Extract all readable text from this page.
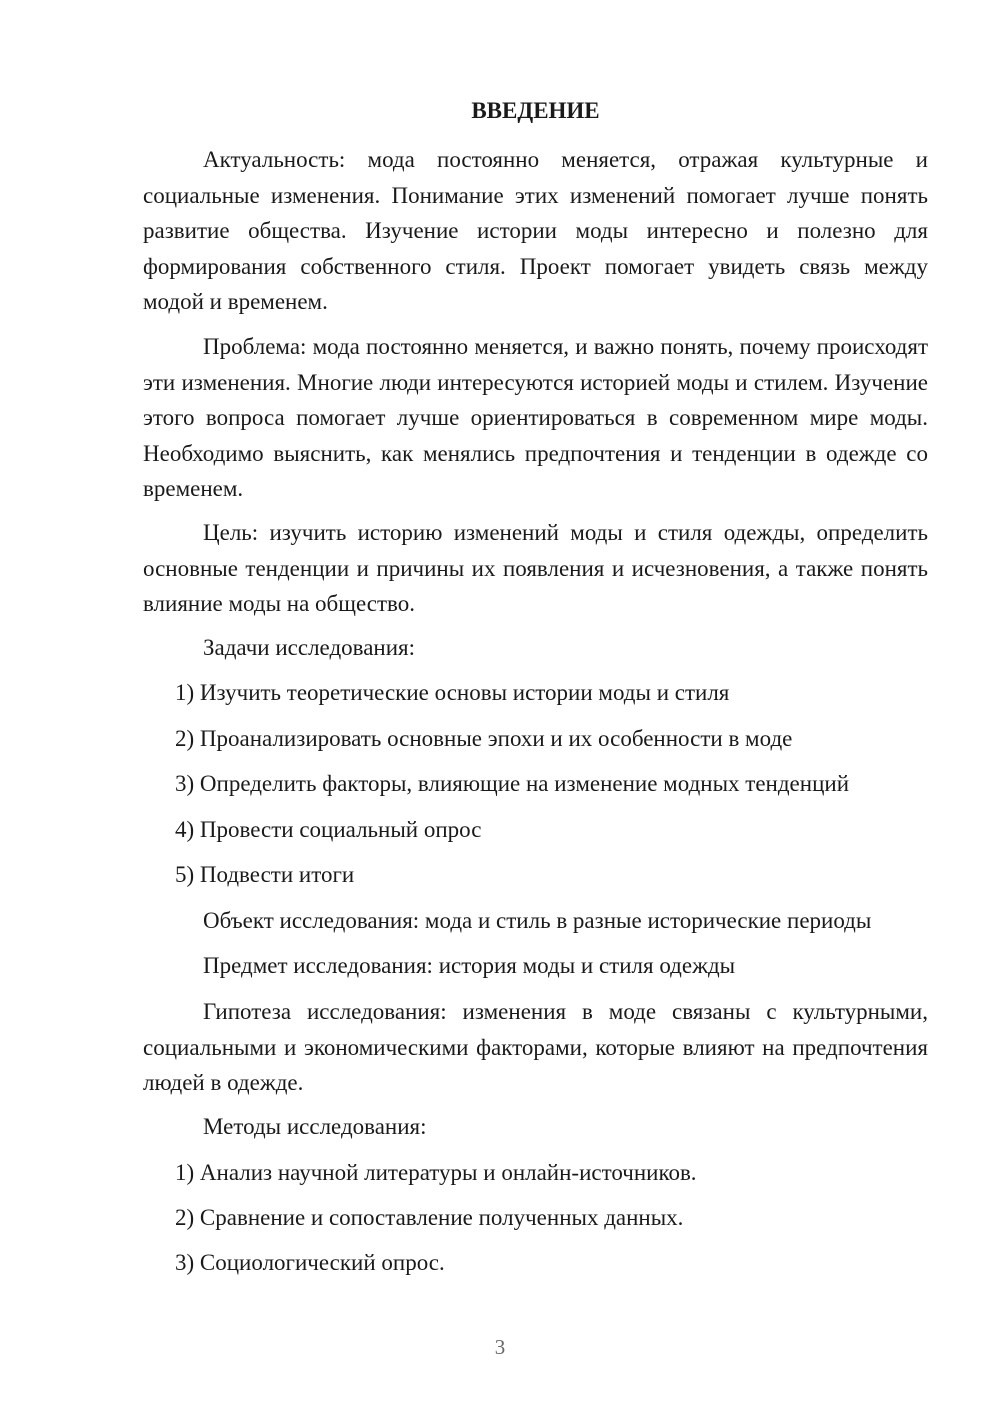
ВВЕДЕНИЕ

Актуальность: мода постоянно меняется, отражая культурные и социальные изменения. Понимание этих изменений помогает лучше понять развитие общества. Изучение истории моды интересно и полезно для формирования собственного стиля. Проект помогает увидеть связь между модой и временем.

Проблема: мода постоянно меняется, и важно понять, почему происходят эти изменения. Многие люди интересуются историей моды и стилем. Изучение этого вопроса помогает лучше ориентироваться в современном мире моды. Необходимо выяснить, как менялись предпочтения и тенденции в одежде со временем.

Цель: изучить историю изменений моды и стиля одежды, определить основные тенденции и причины их появления и исчезновения, а также понять влияние моды на общество.

Задачи исследования:

1) Изучить теоретические основы истории моды и стиля

2) Проанализировать основные эпохи и их особенности в моде

3) Определить факторы, влияющие на изменение модных тенденций

4) Провести социальный опрос

5) Подвести итоги

Объект исследования: мода и стиль в разные исторические периоды

Предмет исследования: история моды и стиля одежды

Гипотеза исследования: изменения в моде связаны с культурными, социальными и экономическими факторами, которые влияют на предпочтения людей в одежде.

Методы исследования:

1) Анализ научной литературы и онлайн-источников.

2) Сравнение и сопоставление полученных данных.

3) Социологический опрос.

3
